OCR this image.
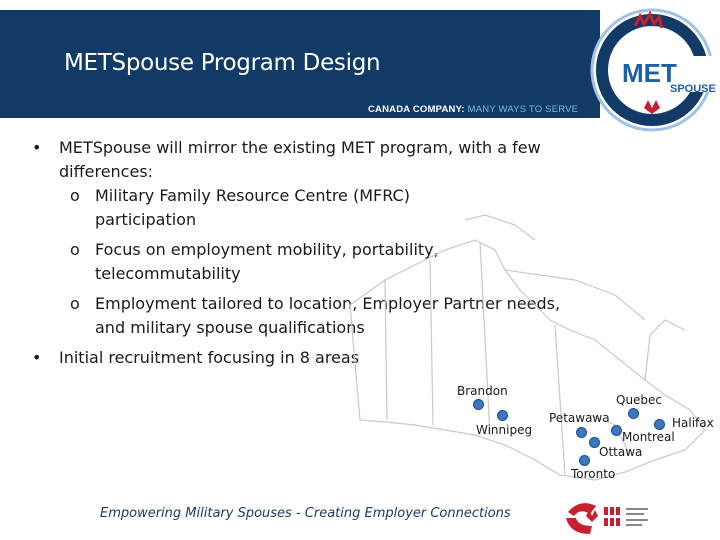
METSpouse Program Design
CANADA COMPANY: MANY WAYS TO SERVE
MET
SPOUSE
• METSpouse will mirror the existing MET program, with a few
differences:
o Military Family Resource Centre (MFRC)
participation
o Focus on employment mobility, portability,
telecommutability
o Employment tailored to location, Employer Partner needs,
and military spouse qualifications
• Initial recruitment focusing in 8 areas
Brandon
Winnipeg
Petawawa
Quebec
Halifax
Montreal
Ottawa
Toronto
Empowering Military Spouses - Creating Employer Connections
